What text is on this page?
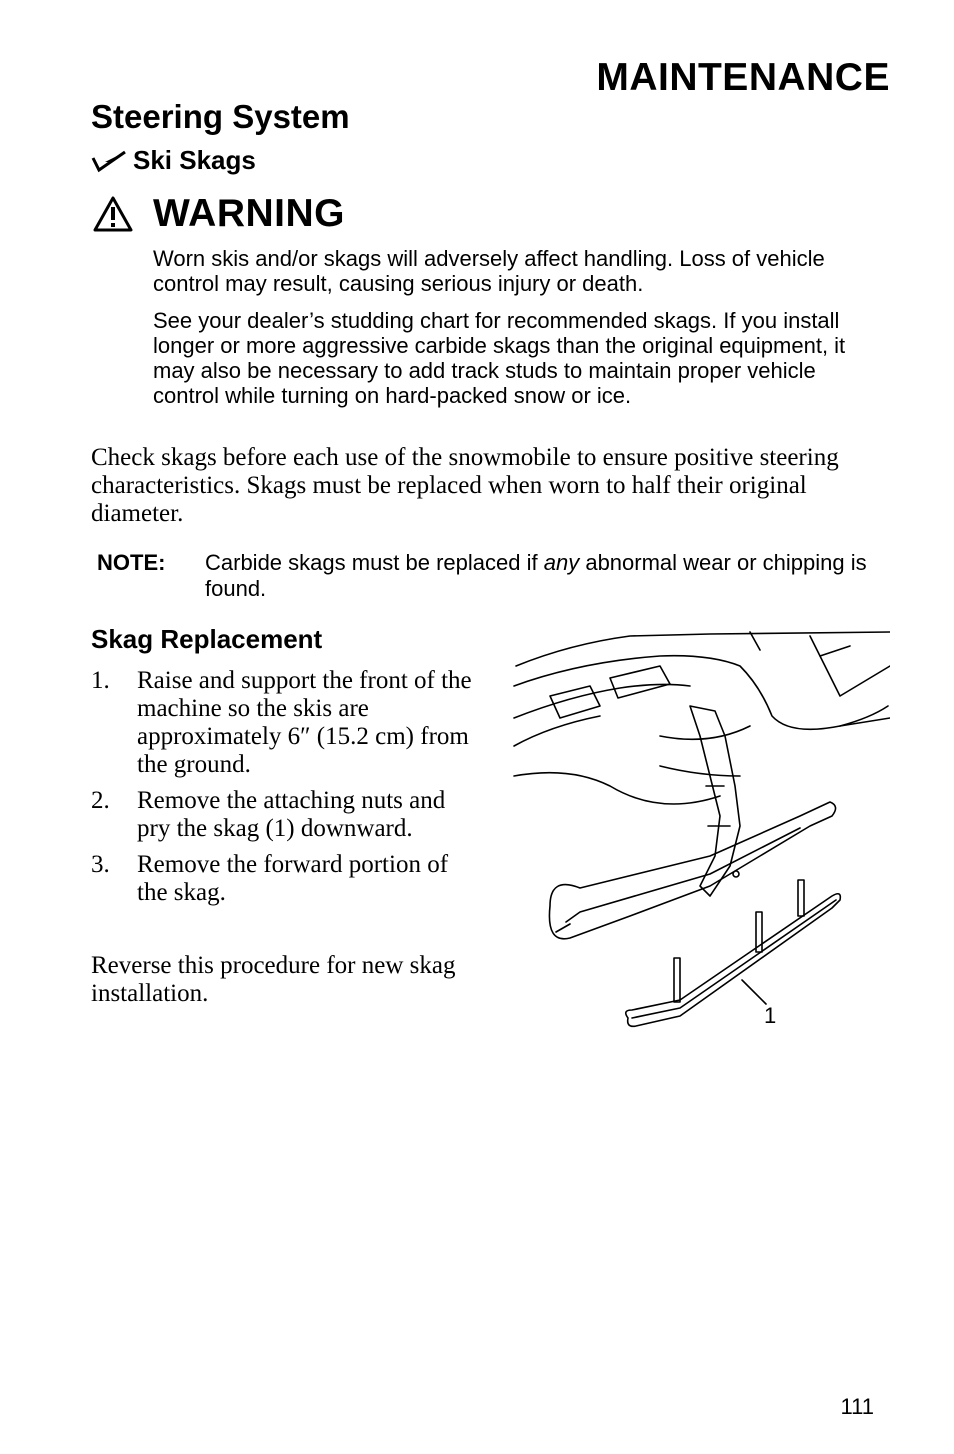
MAINTENANCE
Steering System
Ski Skags
WARNING
Worn skis and/or skags will adversely affect handling. Loss of vehicle control may result, causing serious injury or death.
See your dealer’s studding chart for recommended skags. If you install longer or more aggressive carbide skags than the original equipment, it may also be necessary to add track studs to maintain proper vehicle control while turning on hard-packed snow or ice.
Check skags before each use of the snowmobile to ensure positive steering characteristics. Skags must be replaced when worn to half their original diameter.
NOTE:	Carbide skags must be replaced if any abnormal wear or chipping is found.
Skag Replacement
1.	Raise and support the front of the machine so the skis are approximately 6″ (15.2 cm) from the ground.
2.	Remove the attaching nuts and pry the skag (1) downward.
3.	Remove the forward portion of the skag.
Reverse this procedure for new skag installation.
1
111
